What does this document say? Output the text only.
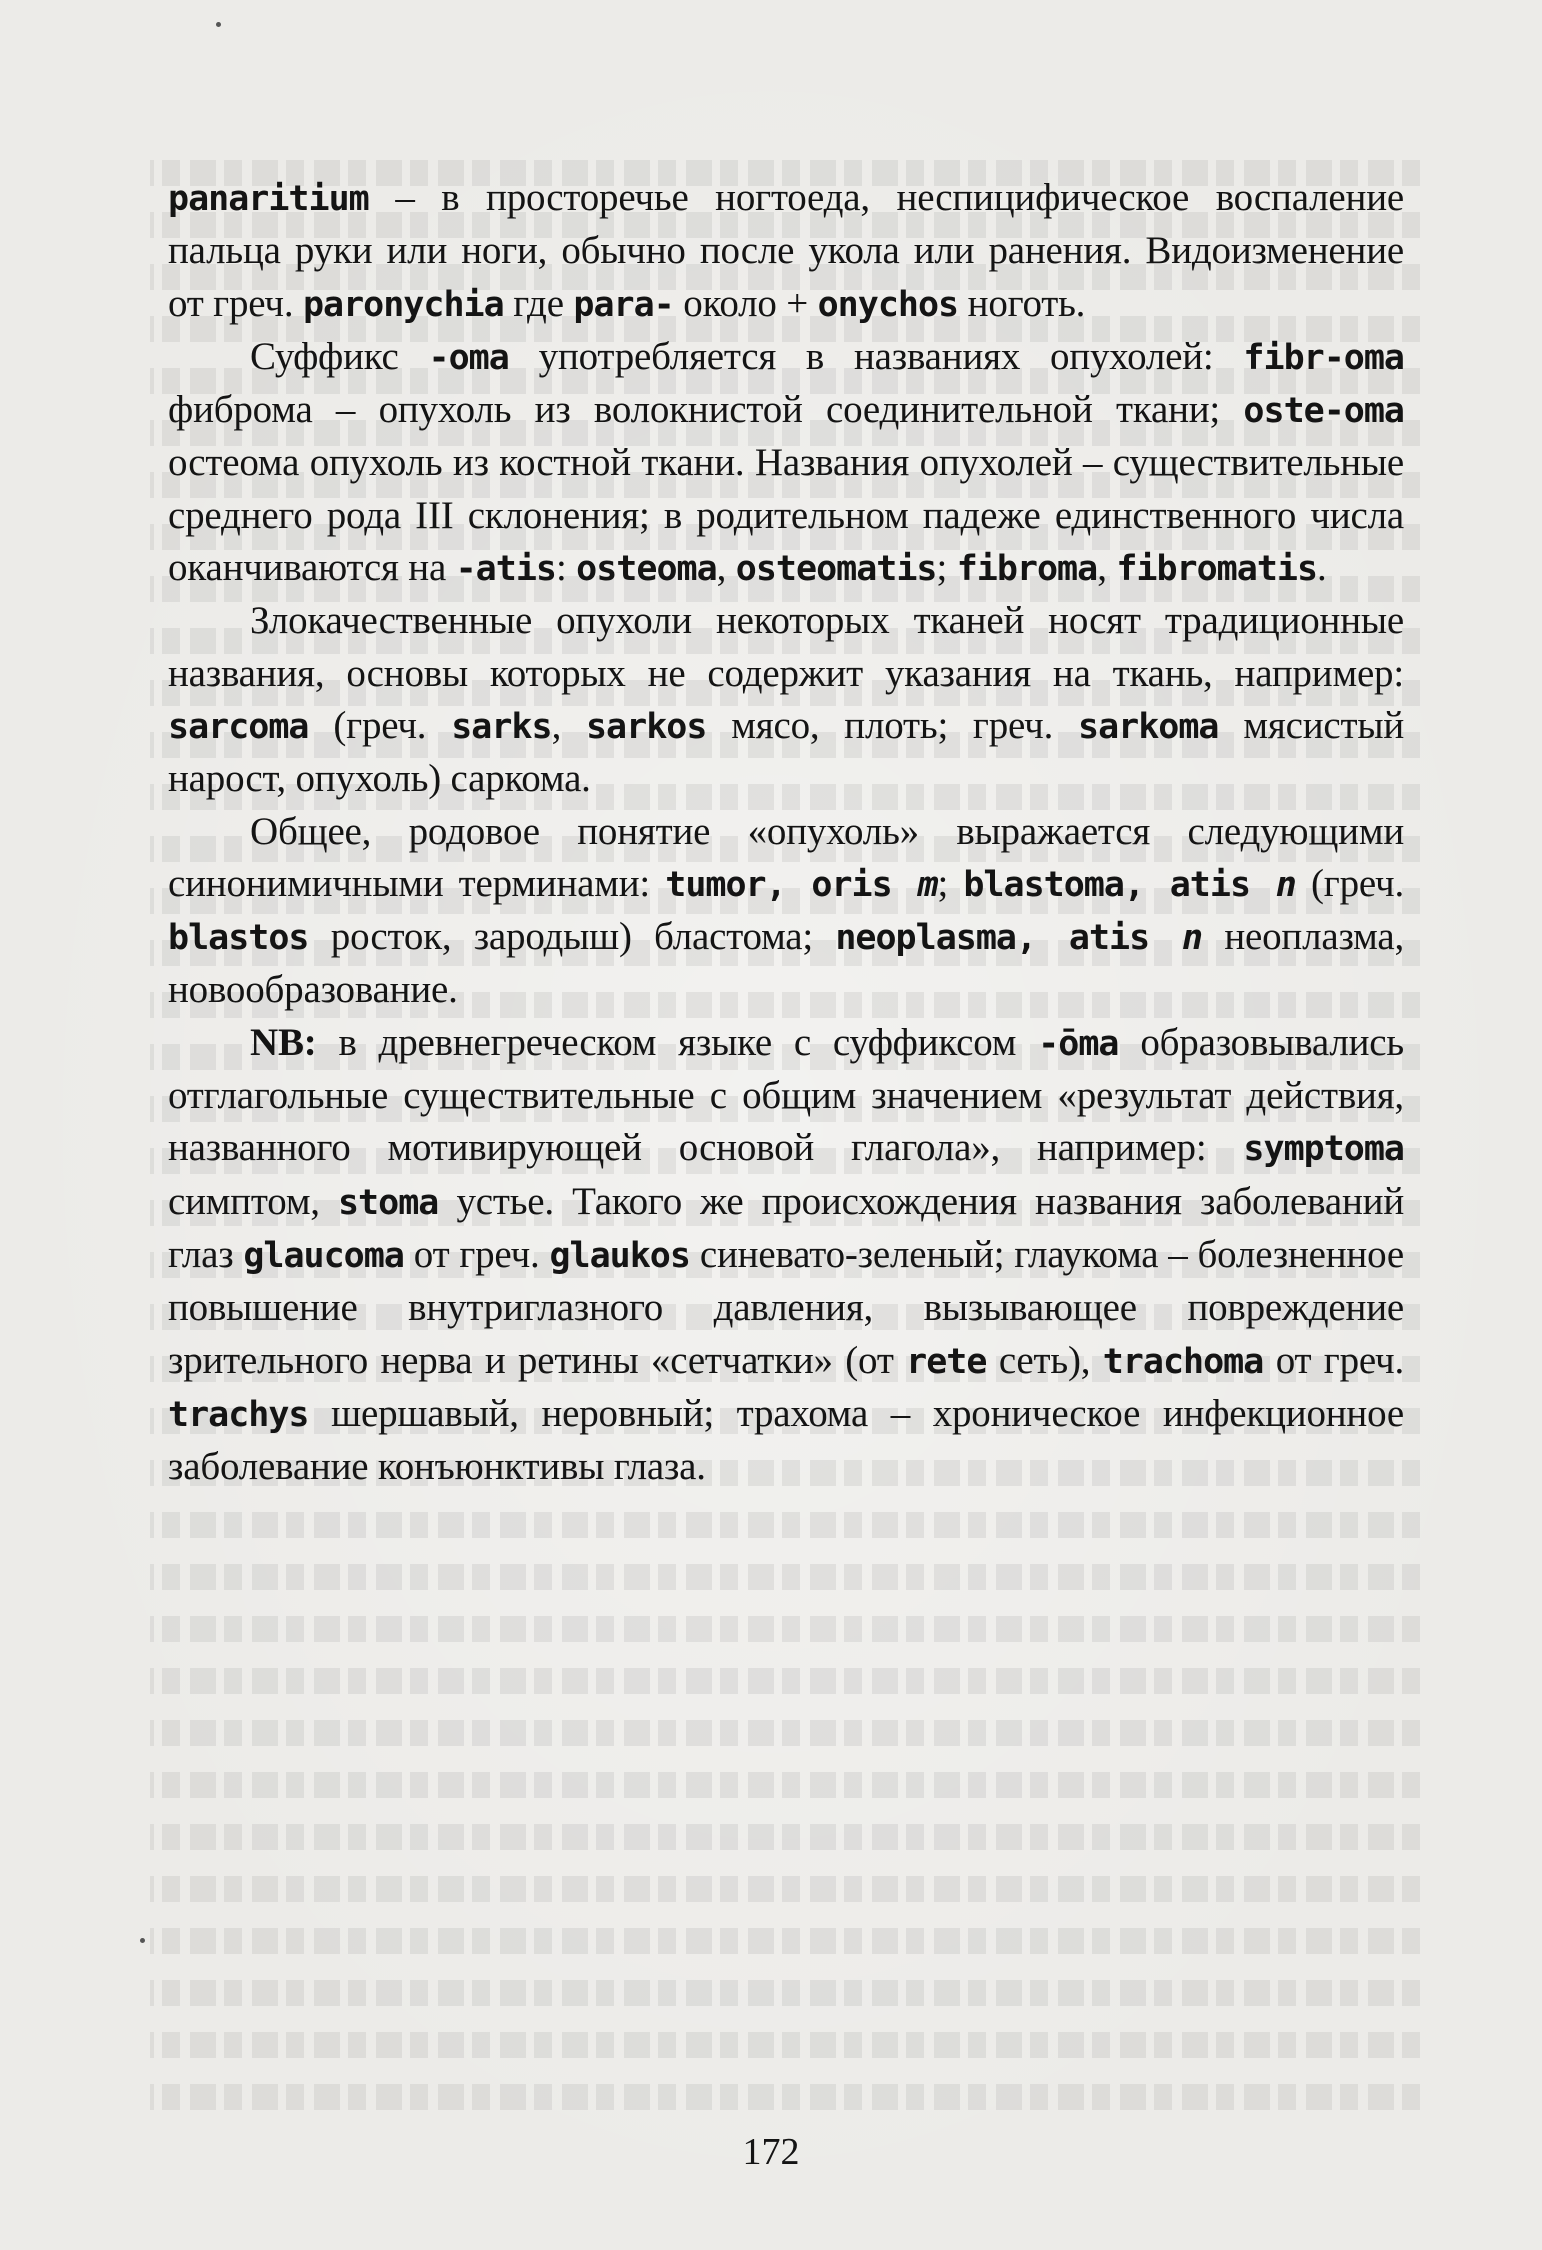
panaritium – в просторечье ногтоеда, неспицифическое воспаление пальца руки или ноги, обычно после укола или ранения. Видоизменение от греч. paronychia где para- около + onychos ноготь.

Суффикс -oma употребляется в названиях опухолей: fibr-oma фиброма – опухоль из волокнистой соединительной ткани; oste-oma остеома опухоль из костной ткани. Названия опухолей – существительные среднего рода III склонения; в родительном падеже единственного числа оканчиваются на -atis: osteoma, osteomatis; fibroma, fibromatis.

Злокачественные опухоли некоторых тканей носят традиционные названия, основы которых не содержит указания на ткань, например: sarcoma (греч. sarks, sarkos мясо, плоть; греч. sarkoma мясистый нарост, опухоль) саркома.

Общее, родовое понятие «опухоль» выражается следующими синонимичными терминами: tumor, oris m; blastoma, atis n (греч. blastos росток, зародыш) бластома; neoplasma, atis n неоплазма, новообразование.

NB: в древнегреческом языке с суффиксом -ōma образовывались отглагольные существительные с общим значением «результат действия, названного мотивирующей основой глагола», например: symptoma симптом, stoma устье. Такого же происхождения названия заболеваний глаз glaucoma от греч. glaukos синевато-зеленый; глаукома – болезненное повышение внутриглазного давления, вызывающее повреждение зрительного нерва и ретины «сетчатки» (от rete сеть), trachoma от греч. trachys шершавый, неровный; трахома – хроническое инфекционное заболевание конъюнктивы глаза.

172
